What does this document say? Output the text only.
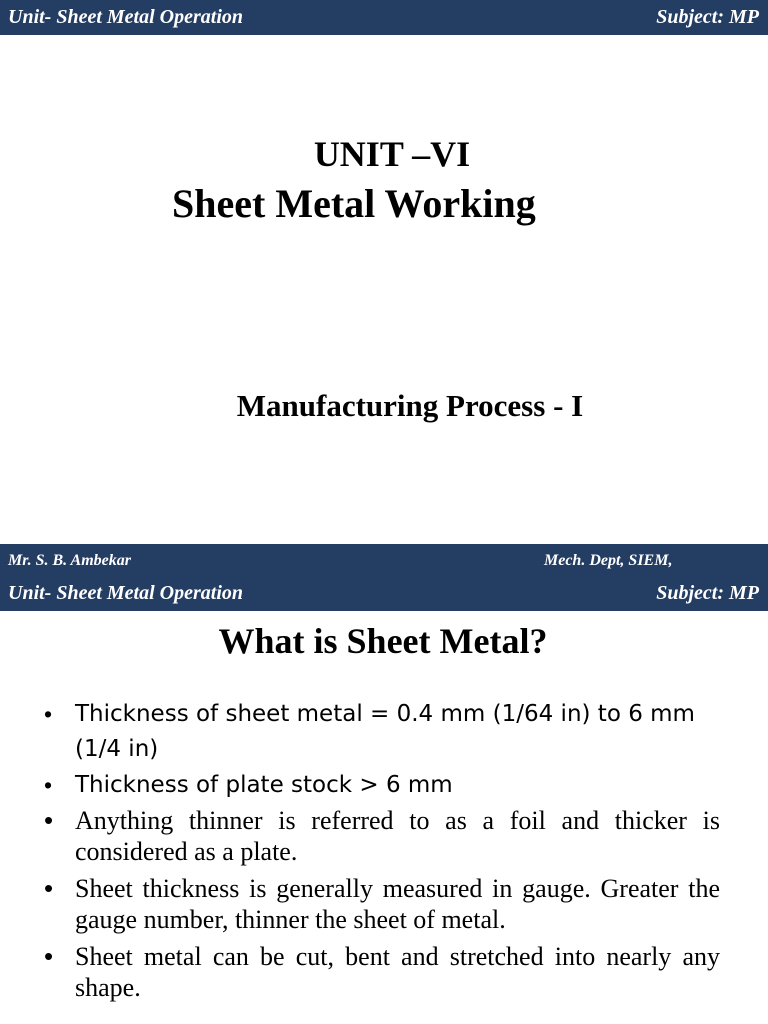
Unit- Sheet Metal Operation	Subject: MP
UNIT –VI
Sheet Metal Working
Manufacturing Process - I
Mr. S. B. Ambekar	Mech. Dept, SIEM,
Unit- Sheet Metal Operation	Subject: MP
What is Sheet Metal?
• Thickness of sheet metal = 0.4 mm (1/64 in) to 6 mm (1/4 in)
• Thickness of plate stock > 6 mm
• Anything thinner is referred to as a foil and thicker is considered as a plate.
• Sheet thickness is generally measured in gauge. Greater the gauge number, thinner the sheet of metal.
• Sheet metal can be cut, bent and stretched into nearly any shape.
